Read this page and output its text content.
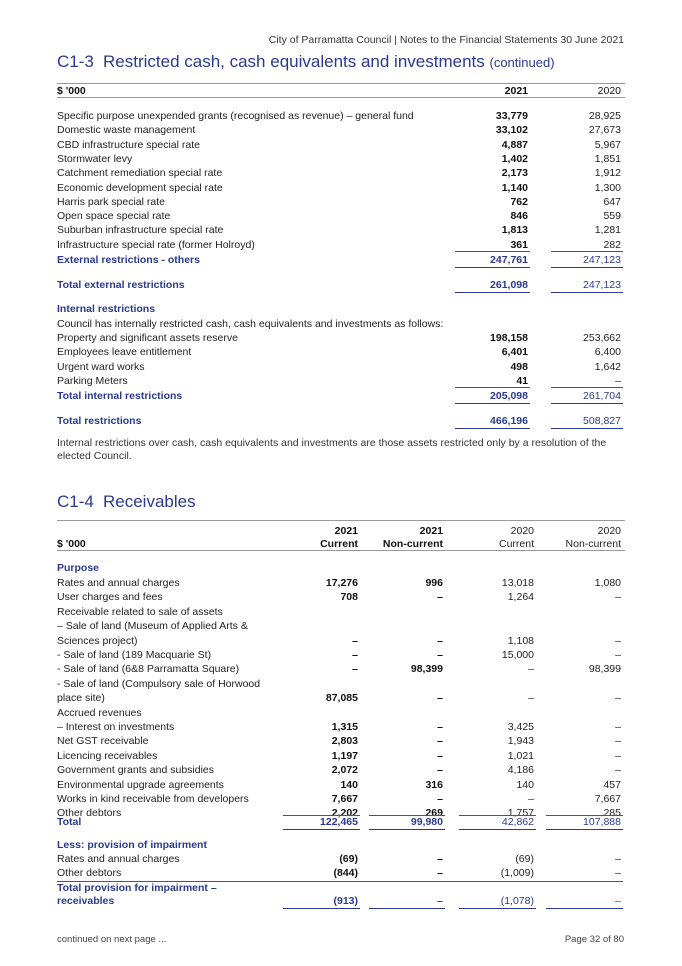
City of Parramatta Council | Notes to the Financial Statements 30 June 2021
C1-3 Restricted cash, cash equivalents and investments (continued)
$ '000	2021	2020
Specific purpose unexpended grants (recognised as revenue) – general fund	33,779	28,925
Domestic waste management	33,102	27,673
CBD infrastructure special rate	4,887	5,967
Stormwater levy	1,402	1,851
Catchment remediation special rate	2,173	1,912
Economic development special rate	1,140	1,300
Harris park special rate	762	647
Open space special rate	846	559
Suburban infrastructure special rate	1,813	1,281
Infrastructure special rate (former Holroyd)	361	282
External restrictions - others	247,761	247,123
Total external restrictions	261,098	247,123
Internal restrictions
Council has internally restricted cash, cash equivalents and investments as follows:
Property and significant assets reserve	198,158	253,662
Employees leave entitlement	6,401	6,400
Urgent ward works	498	1,642
Parking Meters	41	–
Total internal restrictions	205,098	261,704
Total restrictions	466,196	508,827
Internal restrictions over cash, cash equivalents and investments are those assets restricted only by a resolution of the elected Council.
C1-4 Receivables
2021	2021	2020	2020
$ '000	Current	Non-current	Current	Non-current
Purpose
Rates and annual charges	17,276	996	13,018	1,080
User charges and fees	708	–	1,264	–
Receivable related to sale of assets
– Sale of land (Museum of Applied Arts &
Sciences project)	–	–	1,108	–
- Sale of land (189 Macquarie St)	–	–	15,000	–
- Sale of land (6&8 Parramatta Square)	–	98,399	–	98,399
- Sale of land (Compulsory sale of Horwood
place site)	87,085	–	–	–
Accrued revenues
– Interest on investments	1,315	–	3,425	–
Net GST receivable	2,803	–	1,943	–
Licencing receivables	1,197	–	1,021	–
Government grants and subsidies	2,072	–	4,186	–
Environmental upgrade agreements	140	316	140	457
Works in kind receivable from developers	7,667	–	–	7,667
Other debtors	2,202	269	1,757	285
Total	122,465	99,980	42,862	107,888
Less: provision of impairment
Rates and annual charges	(69)	–	(69)	–
Other debtors	(844)	–	(1,009)	–
Total provision for impairment –
receivables	(913)	–	(1,078)	–
continued on next page ...	Page 32 of 80
